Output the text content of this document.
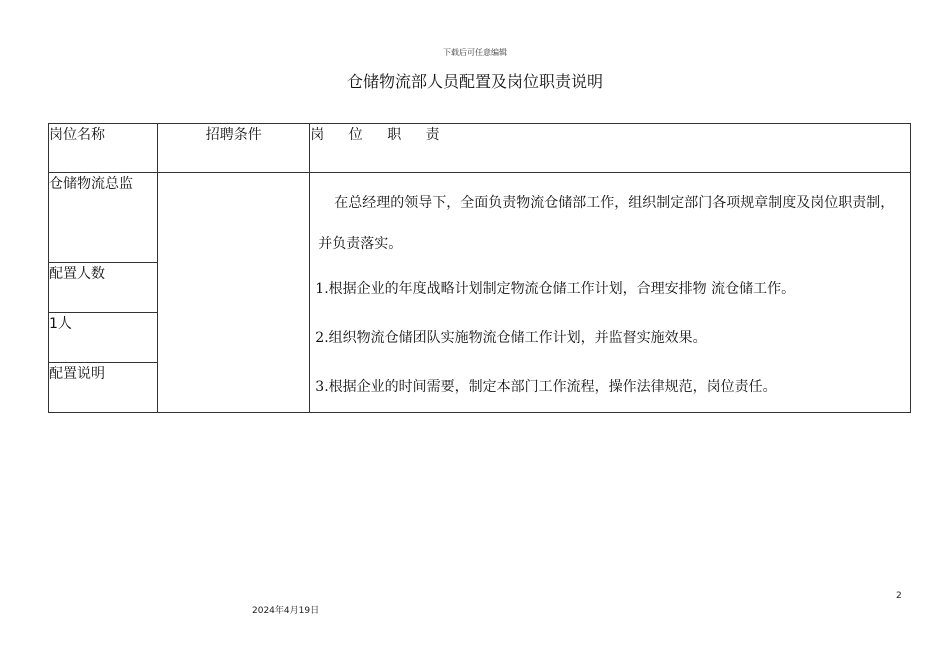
下载后可任意编辑
仓储物流部人员配置及岗位职责说明
岗位名称	招聘条件	岗 位 职 责
仓储物流总监		在总经理的领导下，全面负责物流仓储部工作，组织制定部门各项规章制度及岗位职责制，并负责落实。

1.根据企业的年度战略计划制定物流仓储工作计划，合理安排物 流仓储工作。
2.组织物流仓储团队实施物流仓储工作计划，并监督实施效果。
3.根据企业的时间需要，制定本部门工作流程，操作法律规范，岗位责任。

配置人数		
1人		
配置说明		
2
2024年4月19日
